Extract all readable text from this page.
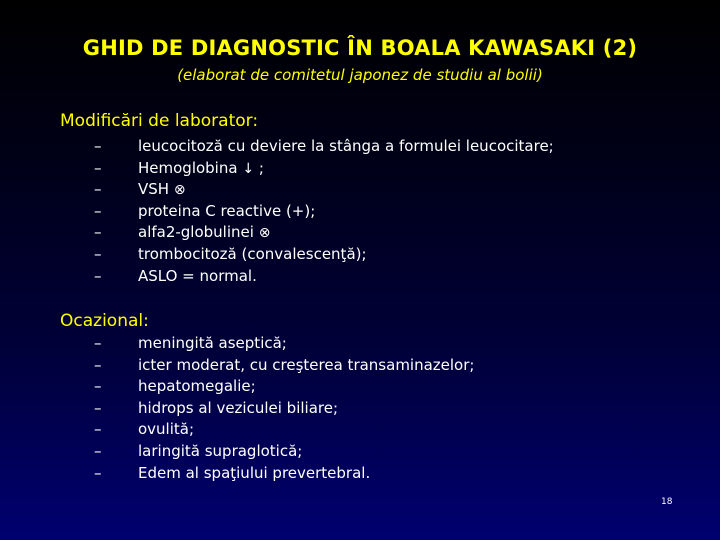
GHID DE DIAGNOSTIC ÎN BOALA KAWASAKI (2)
(elaborat de comitetul japonez de studiu al bolii)
Modificări de laborator:
– leucocitoză cu deviere la stânga a formulei leucocitare;
– Hemoglobina ↓ ;
– VSH ⊗
– proteina C reactive (+);
– alfa2-globulinei ⊗
– trombocitoză (convalescenţă);
– ASLO = normal.
Ocazional:
– meningită aseptică;
– icter moderat, cu creşterea transaminazelor;
– hepatomegalie;
– hidrops al veziculei biliare;
– ovulită;
– laringită supraglotică;
– Edem al spaţiului prevertebral.
18
